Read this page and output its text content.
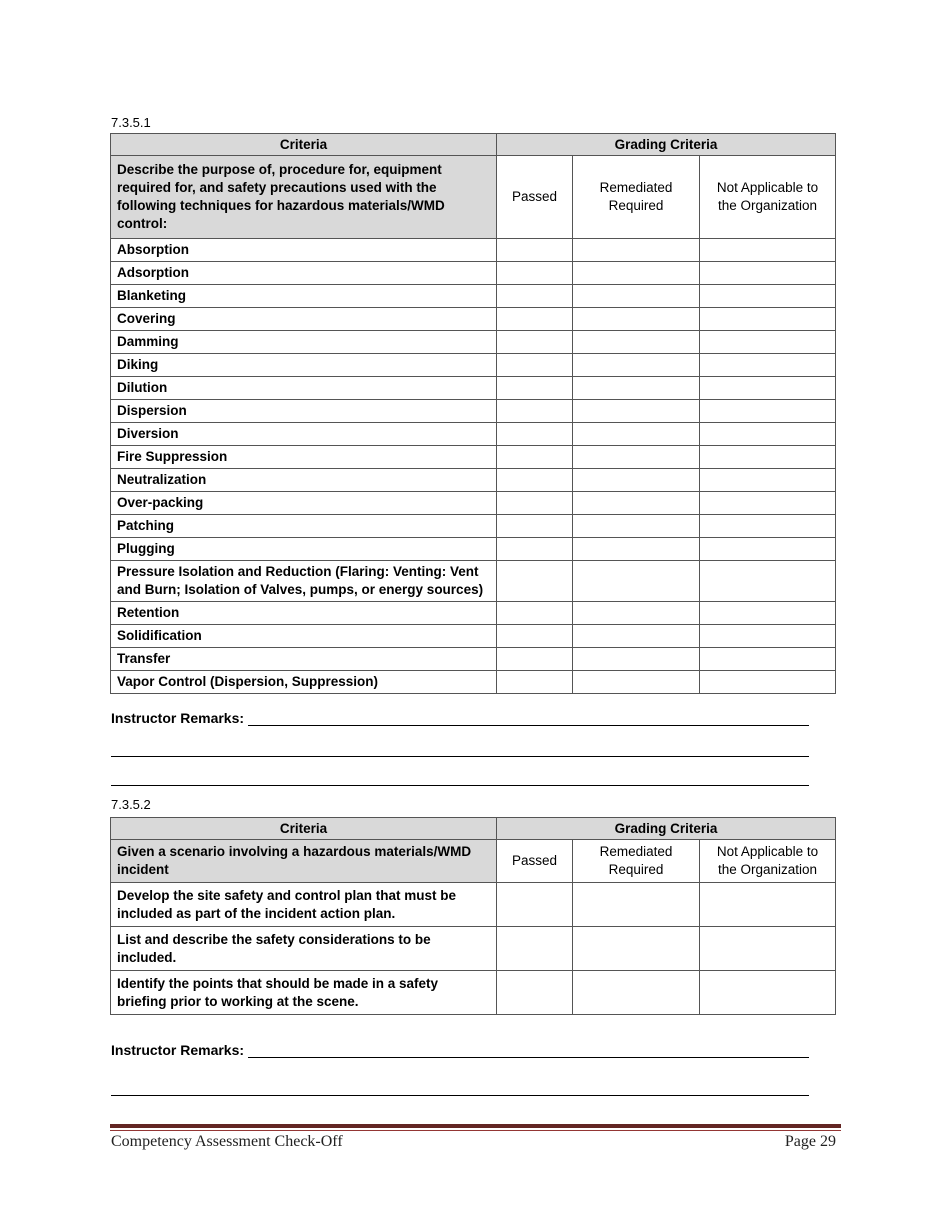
7.3.5.1
Criteria	Grading Criteria		
Describe the purpose of, procedure for, equipment required for, and safety precautions used with the following techniques for hazardous materials/WMD control:	Passed	Remediated Required	Not Applicable to the Organization
Absorption			
Adsorption			
Blanketing			
Covering			
Damming			
Diking			
Dilution			
Dispersion			
Diversion			
Fire Suppression			
Neutralization			
Over-packing			
Patching			
Plugging			
Pressure Isolation and Reduction (Flaring: Venting: Vent and Burn; Isolation of Valves, pumps, or energy sources)			
Retention			
Solidification			
Transfer			
Vapor Control (Dispersion, Suppression)			
Instructor Remarks:
7.3.5.2
Criteria	Grading Criteria		
Given a scenario involving a hazardous materials/WMD incident	Passed	Remediated Required	Not Applicable to the Organization
Develop the site safety and control plan that must be included as part of the incident action plan.			
List and describe the safety considerations to be included.			
Identify the points that should be made in a safety briefing prior to working at the scene.			
Instructor Remarks:
Competency Assessment Check-Off	Page 29
